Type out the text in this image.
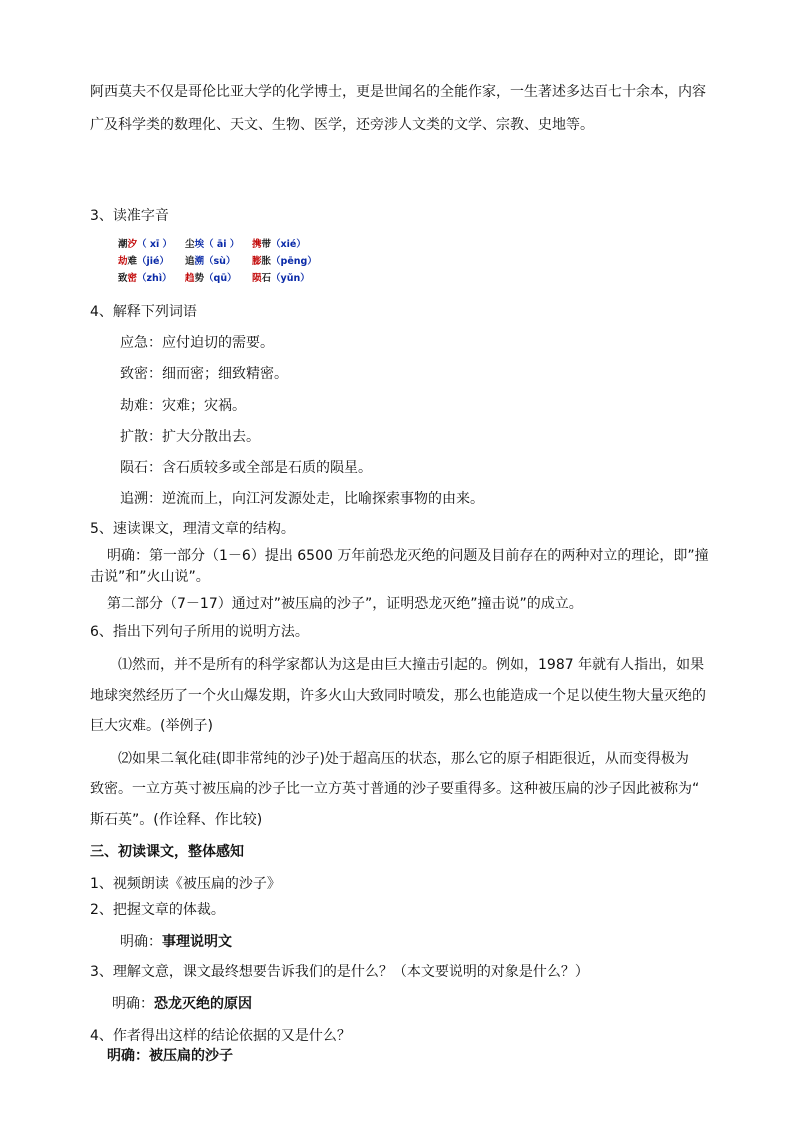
阿西莫夫不仅是哥伦比亚大学的化学博士，更是世闻名的全能作家，一生著述多达百七十余本，内容
广及科学类的数理化、天文、生物、医学，还旁涉人文类的文学、宗教、史地等。
3、读准字音
潮汐（ xī ） 尘埃（ āi ） 携带（xié）
劫难（jié） 追溯（sù） 膨胀（pēng）
致密（zhì） 趋势（qū） 陨石（yǔn）
4、解释下列词语
应急：应付迫切的需要。
致密：细而密；细致精密。
劫难：灾难；灾祸。
扩散：扩大分散出去。
陨石：含石质较多或全部是石质的陨星。
追溯：逆流而上，向江河发源处走，比喻探索事物的由来。
5、速读课文，理清文章的结构。
明确：第一部分（1－6）提出 6500 万年前恐龙灭绝的问题及目前存在的两种对立的理论，即”撞
击说”和”火山说”。
第二部分（7－17）通过对”被压扁的沙子”，证明恐龙灭绝”撞击说”的成立。
6、指出下列句子所用的说明方法。
⑴然而，并不是所有的科学家都认为这是由巨大撞击引起的。例如，1987 年就有人指出，如果
地球突然经历了一个火山爆发期，许多火山大致同时喷发，那么也能造成一个足以使生物大量灭绝的
巨大灾难。(举例子)
⑵如果二氧化硅(即非常纯的沙子)处于超高压的状态，那么它的原子相距很近，从而变得极为
致密。一立方英寸被压扁的沙子比一立方英寸普通的沙子要重得多。这种被压扁的沙子因此被称为“
斯石英”。(作诠释、作比较)
三、初读课文，整体感知
1、视频朗读《被压扁的沙子》
2、把握文章的体裁。
明确：事理说明文
3、理解文意，课文最终想要告诉我们的是什么？（本文要说明的对象是什么？）
明确：恐龙灭绝的原因
4、作者得出这样的结论依据的又是什么？
明确：被压扁的沙子
